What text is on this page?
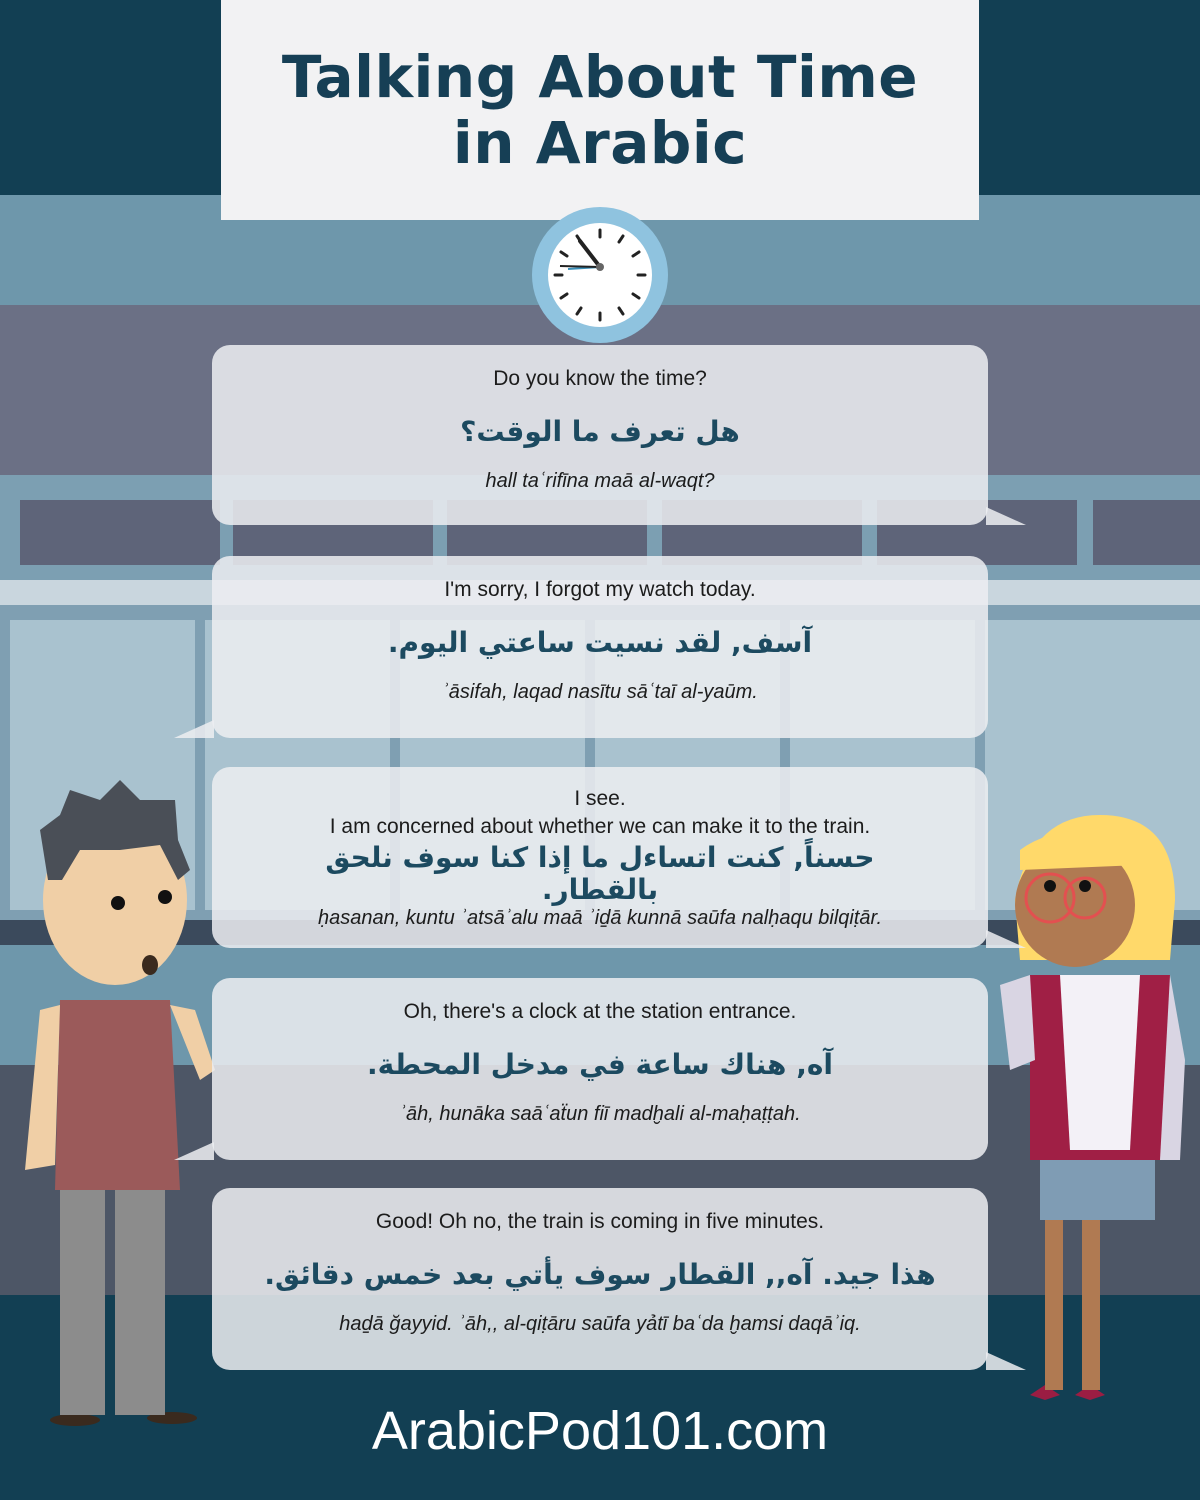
Talking About Time
in Arabic
Do you know the time?
هل تعرف ما الوقت؟
hall taʿrifīna maā al-waqt?
I'm sorry, I forgot my watch today.
آسف, لقد نسيت ساعتي اليوم.
ʾāsifah, laqad nasītu sāʿtaī al-yaūm.
I see.
I am concerned about whether we can make it to the train.
حسناً, كنت اتساءل ما إذا كنا سوف نلحق
بالقطار.
ḥasanan, kuntu ʾatsāʾalu maā ʾiḏā kunnā saūfa nalḥaqu bilqiṭār.
Oh, there's a clock at the station entrance.
آه, هناك ساعة في مدخل المحطة.
ʾāh, hunāka saāʿaẗun fiī madḫali al-maḥaṭṭah.
Good! Oh no, the train is coming in five minutes.
هذا جيد. آه,, القطار سوف يأتي بعد خمس دقائق.
haḏā ğayyid. ʾāh,, al-qiṭāru saūfa yảtī baʿda ḫamsi daqāʾiq.
ArabicPod101.com
